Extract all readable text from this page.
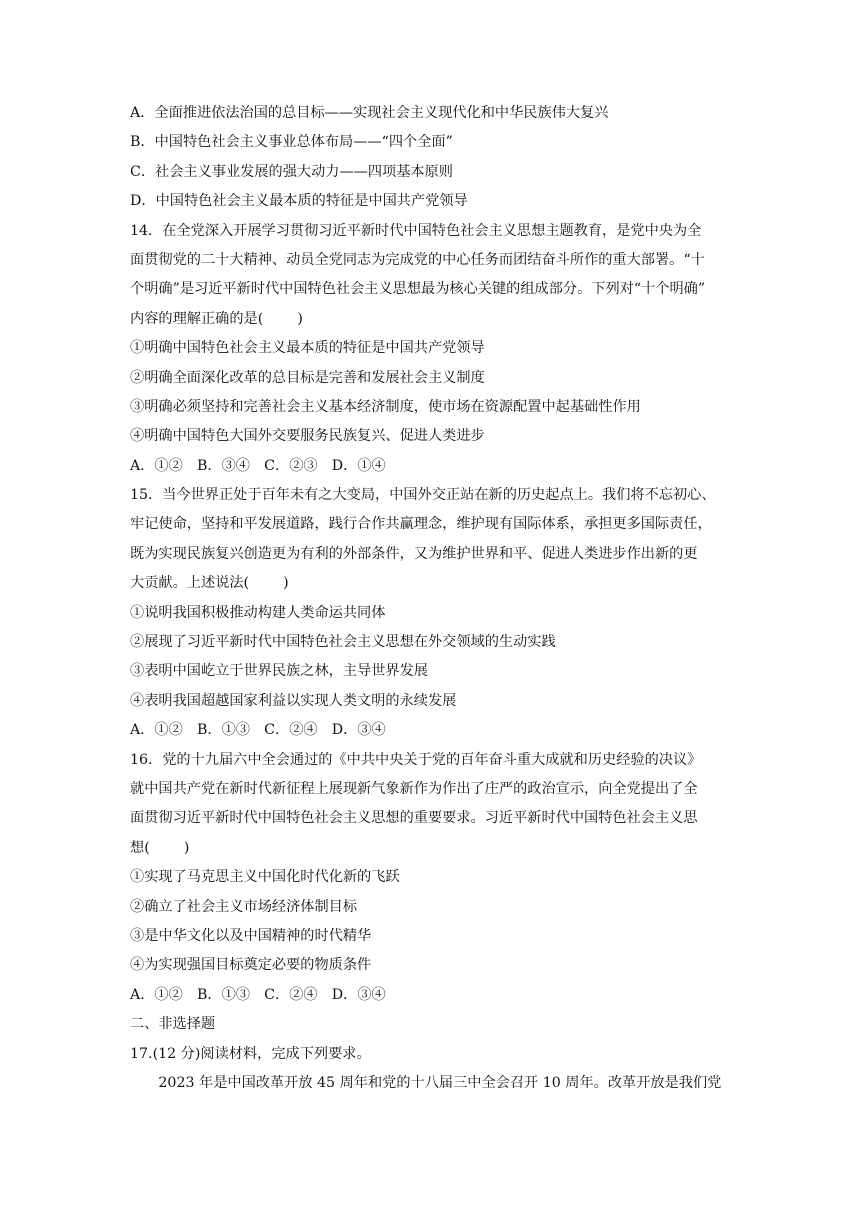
A．全面推进依法治国的总目标——实现社会主义现代化和中华民族伟大复兴
B．中国特色社会主义事业总体布局——“四个全面”
C．社会主义事业发展的强大动力——四项基本原则
D．中国特色社会主义最本质的特征是中国共产党领导
14．在全党深入开展学习贯彻习近平新时代中国特色社会主义思想主题教育，是党中央为全
面贯彻党的二十大精神、动员全党同志为完成党的中心任务而团结奋斗所作的重大部署。“十
个明确”是习近平新时代中国特色社会主义思想最为核心关键的组成部分。下列对“十个明确”
内容的理解正确的是( )
①明确中国特色社会主义最本质的特征是中国共产党领导
②明确全面深化改革的总目标是完善和发展社会主义制度
③明确必须坚持和完善社会主义基本经济制度，使市场在资源配置中起基础性作用
④明确中国特色大国外交要服务民族复兴、促进人类进步
A．①②　B．③④　C．②③　D．①④
15．当今世界正处于百年未有之大变局，中国外交正站在新的历史起点上。我们将不忘初心、
牢记使命，坚持和平发展道路，践行合作共赢理念，维护现有国际体系，承担更多国际责任，
既为实现民族复兴创造更为有利的外部条件，又为维护世界和平、促进人类进步作出新的更
大贡献。上述说法( )
①说明我国积极推动构建人类命运共同体
②展现了习近平新时代中国特色社会主义思想在外交领域的生动实践
③表明中国屹立于世界民族之林，主导世界发展
④表明我国超越国家利益以实现人类文明的永续发展
A．①②　B．①③　C．②④　D．③④
16．党的十九届六中全会通过的《中共中央关于党的百年奋斗重大成就和历史经验的决议》
就中国共产党在新时代新征程上展现新气象新作为作出了庄严的政治宣示，向全党提出了全
面贯彻习近平新时代中国特色社会主义思想的重要要求。习近平新时代中国特色社会主义思
想( )
①实现了马克思主义中国化时代化新的飞跃
②确立了社会主义市场经济体制目标
③是中华文化以及中国精神的时代精华
④为实现强国目标奠定必要的物质条件
A．①②　B．①③　C．②④　D．③④
二、非选择题
17.(12 分)阅读材料，完成下列要求。
2023 年是中国改革开放 45 周年和党的十八届三中全会召开 10 周年。改革开放是我们党
